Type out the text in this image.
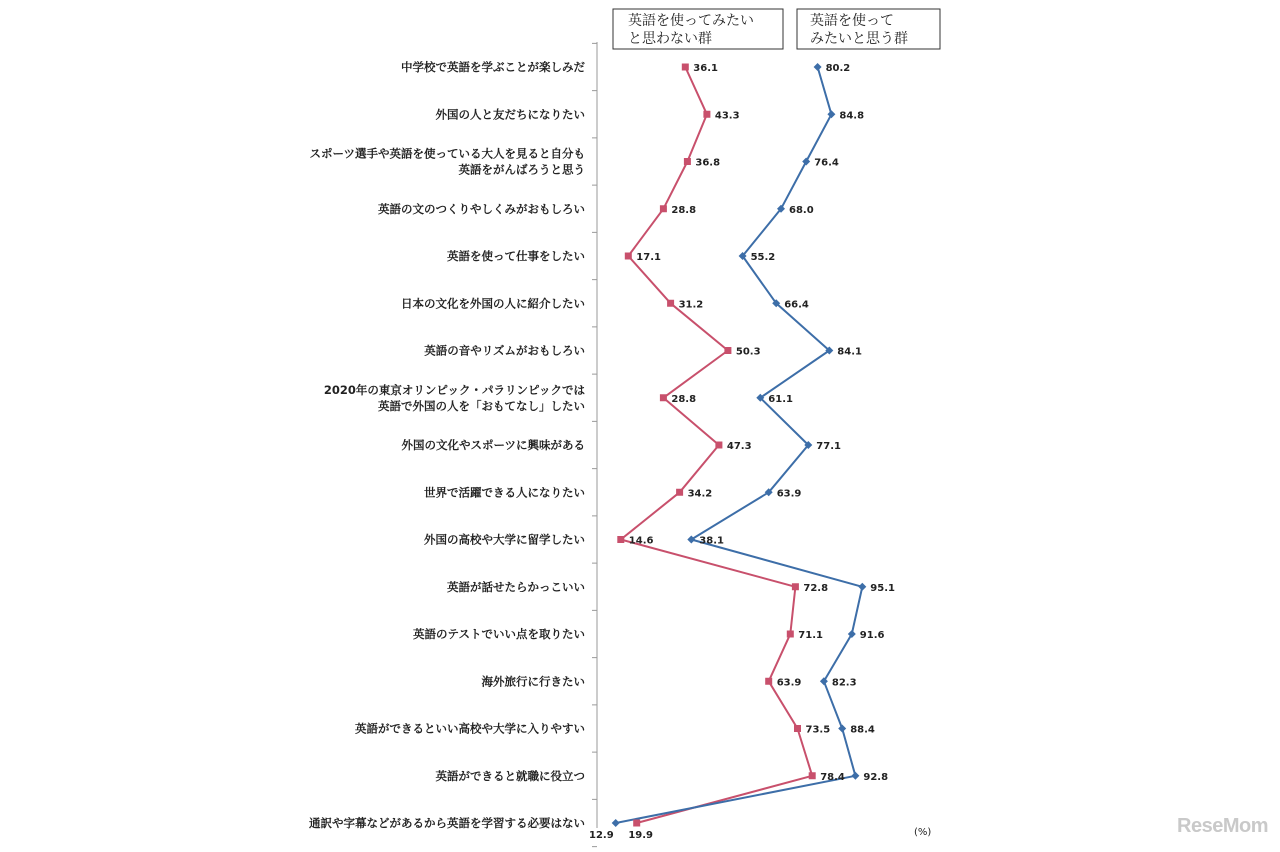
中学校で英語を学ぶことが楽しみだ
外国の人と友だちになりたい
スポーツ選手や英語を使っている大人を見ると自分も
英語をがんばろうと思う
英語の文のつくりやしくみがおもしろい
英語を使って仕事をしたい
日本の文化を外国の人に紹介したい
英語の音やリズムがおもしろい
2020年の東京オリンピック・パラリンピックでは
英語で外国の人を「おもてなし」したい
外国の文化やスポーツに興味がある
世界で活躍できる人になりたい
外国の高校や大学に留学したい
英語が話せたらかっこいい
英語のテストでいい点を取りたい
海外旅行に行きたい
英語ができるといい高校や大学に入りやすい
英語ができると就職に役立つ
通訳や字幕などがあるから英語を学習する必要はない
36.1
43.3
36.8
28.8
17.1
31.2
50.3
28.8
47.3
34.2
14.6
72.8
71.1
63.9
73.5
78.4
19.9
80.2
84.8
76.4
68.0
55.2
66.4
84.1
61.1
77.1
63.9
38.1
95.1
91.6
82.3
88.4
92.8
12.9
英語を使ってみたい
と思わない群
英語を使って
みたいと思う群
(%)	ReseMom
